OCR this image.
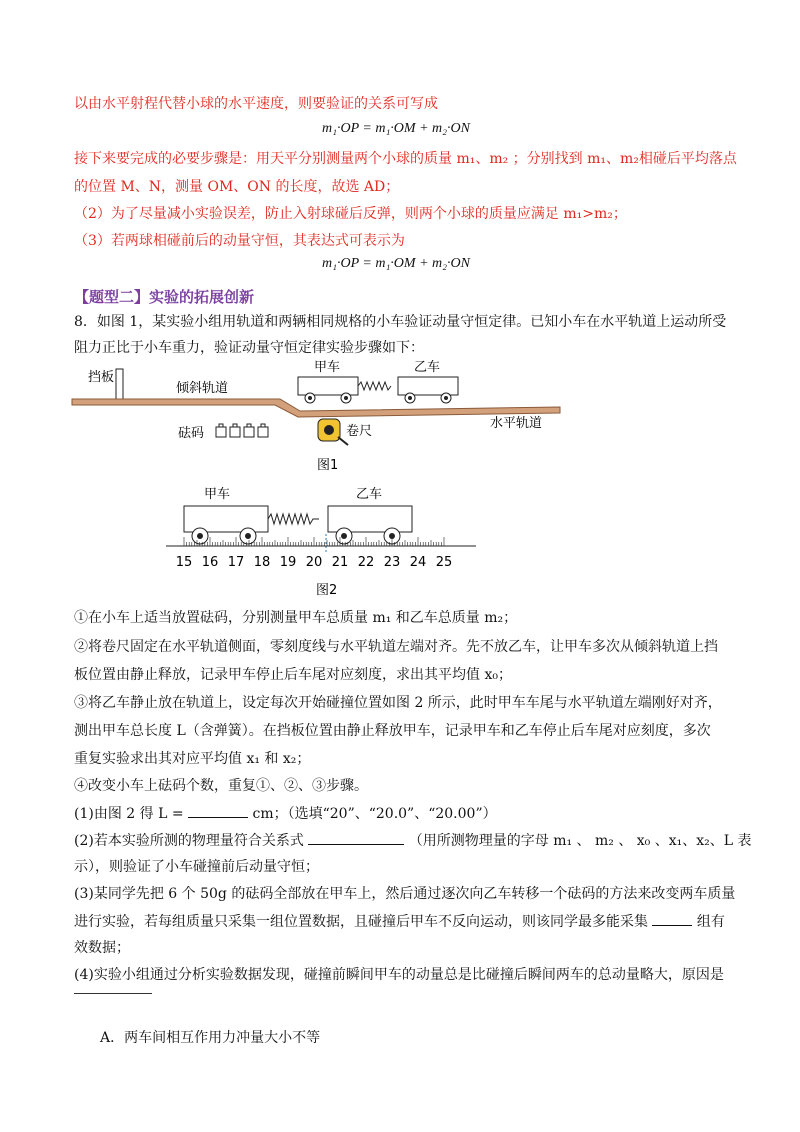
以由水平射程代替小球的水平速度，则要验证的关系可写成
m₁·OP = m₁·OM + m₂·ON
接下来要完成的必要步骤是：用天平分别测量两个小球的质量 m₁、m₂ ；分别找到 m₁、m₂相碰后平均落点
的位置 M、N，测量 OM、ON 的长度，故选 AD；
（2）为了尽量减小实验误差，防止入射球碰后反弹，则两个小球的质量应满足 m₁>m₂；
（3）若两球相碰前后的动量守恒，其表达式可表示为
m₁·OP = m₁·OM + m₂·ON
【题型二】实验的拓展创新
8．如图 1，某实验小组用轨道和两辆相同规格的小车验证动量守恒定律。已知小车在水平轨道上运动所受
阻力正比于小车重力，验证动量守恒定律实验步骤如下：
挡板
倾斜轨道
甲车	乙车
砝码	卷尺
水平轨道
图1
甲车	乙车
15 16 17 18 19 20 21 22 23 24 25
图2
①在小车上适当放置砝码，分别测量甲车总质量 m₁ 和乙车总质量 m₂；
②将卷尺固定在水平轨道侧面，零刻度线与水平轨道左端对齐。先不放乙车，让甲车多次从倾斜轨道上挡
板位置由静止释放，记录甲车停止后车尾对应刻度，求出其平均值 x₀；
③将乙车静止放在轨道上，设定每次开始碰撞位置如图 2 所示，此时甲车车尾与水平轨道左端刚好对齐，
测出甲车总长度 L（含弹簧）。在挡板位置由静止释放甲车，记录甲车和乙车停止后车尾对应刻度，多次
重复实验求出其对应平均值 x₁ 和 x₂；
④改变小车上砝码个数，重复①、②、③步骤。
(1)由图 2 得 L =	cm；（选填“20”、“20.0”、“20.00”）
(2)若本实验所测的物理量符合关系式	（用所测物理量的字母 m₁ 、 m₂ 、 x₀ 、x₁、x₂、L 表
示），则验证了小车碰撞前后动量守恒；
(3)某同学先把 6 个 50g 的砝码全部放在甲车上，然后通过逐次向乙车转移一个砝码的方法来改变两车质量
进行实验，若每组质量只采集一组位置数据，且碰撞后甲车不反向运动，则该同学最多能采集	组有
效数据；
(4)实验小组通过分析实验数据发现，碰撞前瞬间甲车的动量总是比碰撞后瞬间两车的总动量略大，原因是
A．两车间相互作用力冲量大小不等
